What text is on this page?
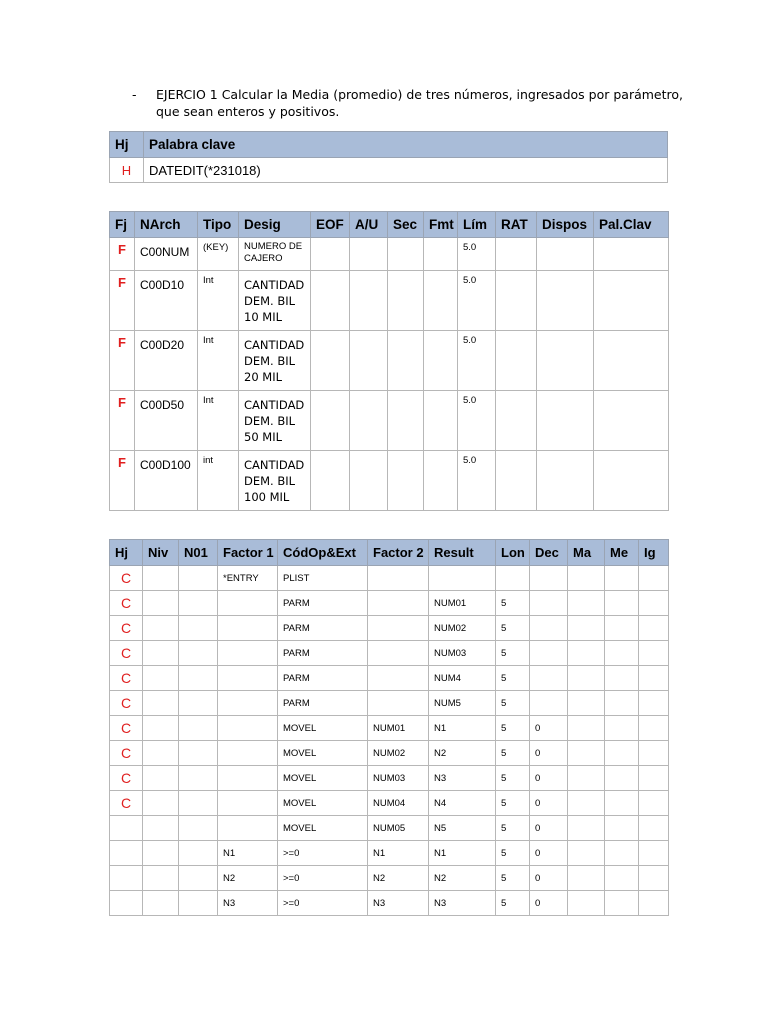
- EJERCIO 1 Calcular la Media (promedio) de tres números, ingresados por parámetro,
que sean enteros y positivos.
Hj	Palabra clave
H	DATEDIT(*231018)
Fj	NArch	Tipo	Desig	EOF	A/U	Sec	Fmt	Lím	RAT	Dispos	Pal.Clav
F	C00NUM	(KEY)	NUMERO DE CAJERO					5.0			
F	C00D10	Int	CANTIDAD DEM. BIL 10 MIL					5.0			
F	C00D20	Int	CANTIDAD DEM. BIL 20 MIL					5.0			
F	C00D50	Int	CANTIDAD DEM. BIL 50 MIL					5.0			
F	C00D100	int	CANTIDAD DEM. BIL 100 MIL					5.0			
Hj	Niv	N01	Factor 1	CódOp&Ext	Factor 2	Result	Lon	Dec	Ma	Me	Ig
C			*ENTRY	PLIST							
C				PARM		NUM01	5				
C				PARM		NUM02	5				
C				PARM		NUM03	5				
C				PARM		NUM4	5				
C				PARM		NUM5	5				
C				MOVEL	NUM01	N1	5	0			
C				MOVEL	NUM02	N2	5	0			
C				MOVEL	NUM03	N3	5	0			
C				MOVEL	NUM04	N4	5	0			
				MOVEL	NUM05	N5	5	0			
			N1	>=0	N1	N1	5	0			
			N2	>=0	N2	N2	5	0			
			N3	>=0	N3	N3	5	0			
